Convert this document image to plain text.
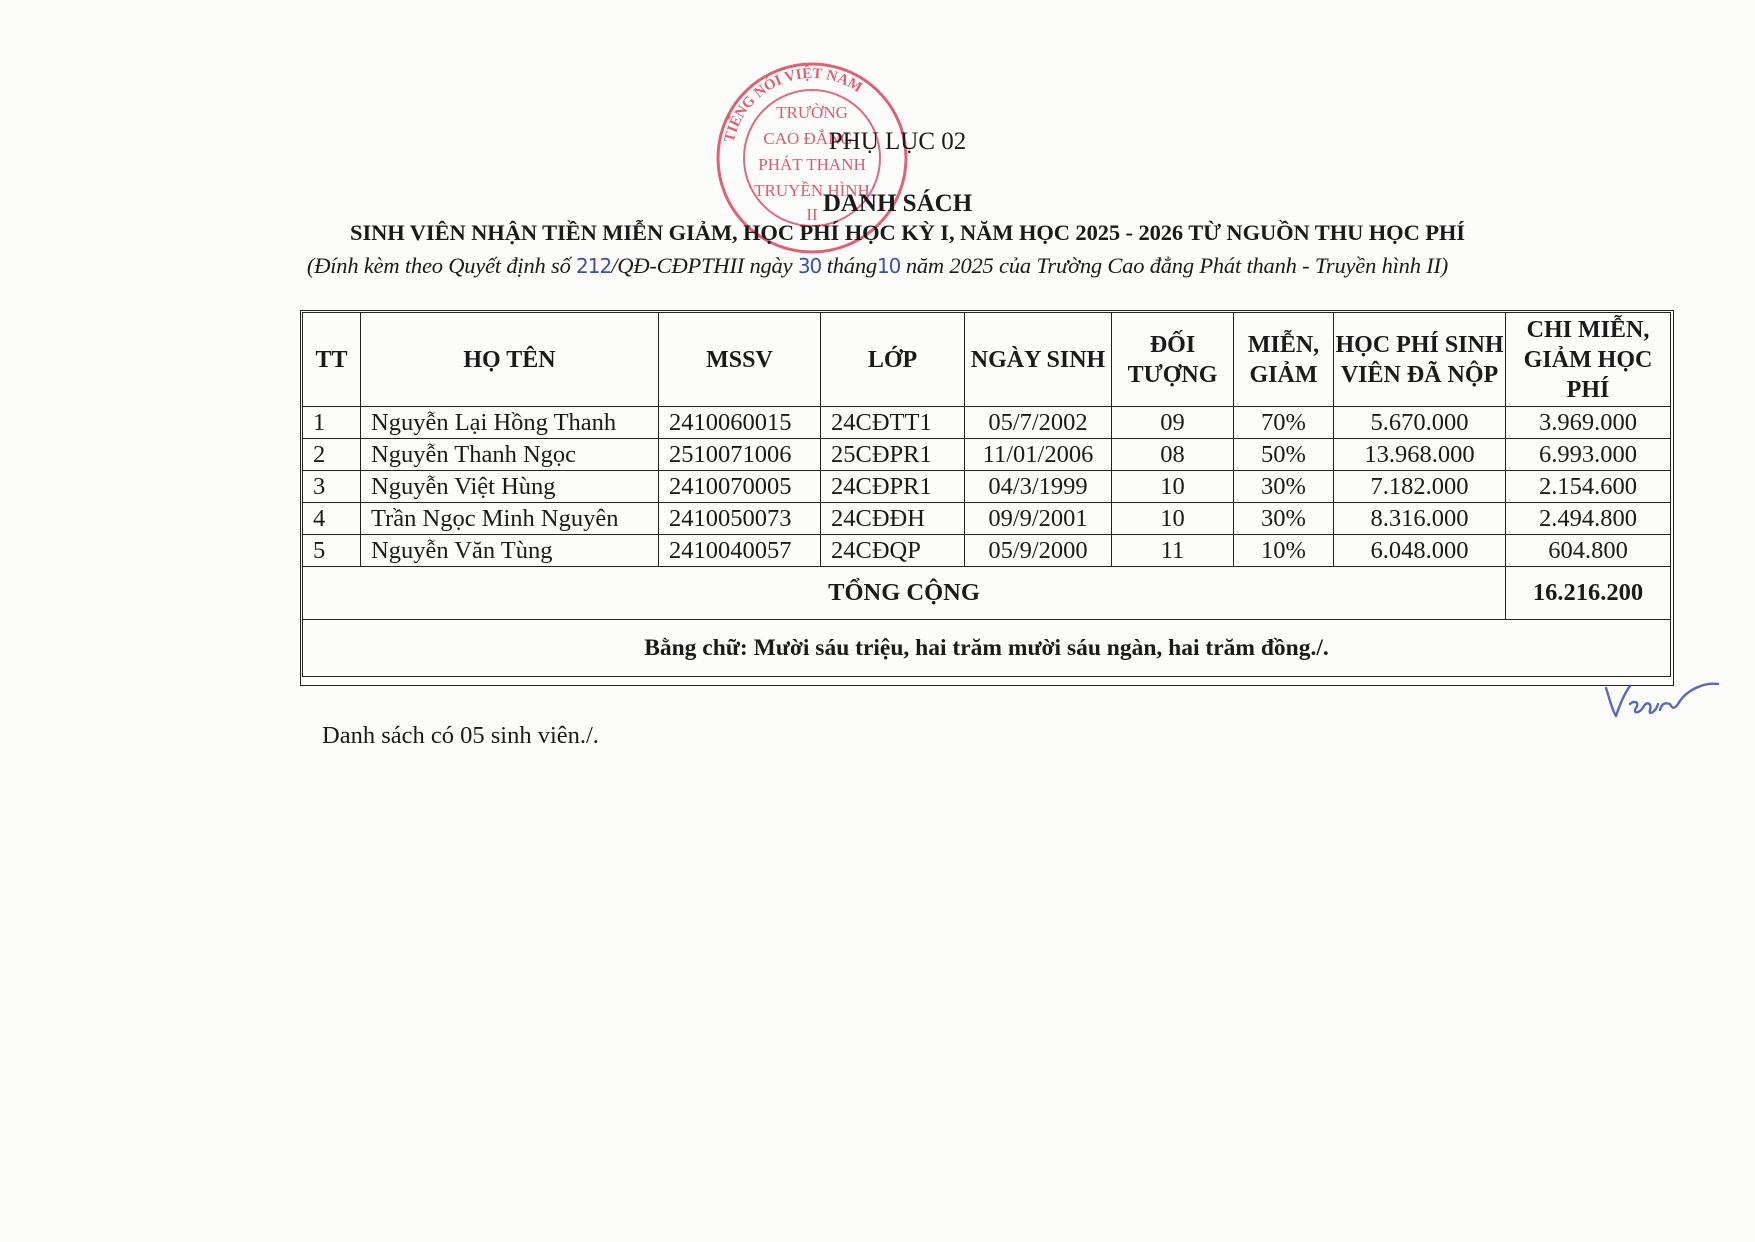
TIẾNG NÓI VIỆT NAM
TRƯỜNG
CAO ĐẲNG
PHÁT THANH
TRUYỀN HÌNH
II
PHỤ LỤC 02
DANH SÁCH
SINH VIÊN NHẬN TIỀN MIỄN GIẢM, HỌC PHÍ HỌC KỲ I, NĂM HỌC 2025 - 2026 TỪ NGUỒN THU HỌC PHÍ
(Đính kèm theo Quyết định số 212/QĐ-CĐPTHII ngày 30 tháng10 năm 2025 của Trường Cao đẳng Phát thanh - Truyền hình II)
TT	HỌ TÊN	MSSV	LỚP	NGÀY SINH	ĐỐI TƯỢNG	MIỄN, GIẢM	HỌC PHÍ SINH VIÊN ĐÃ NỘP	CHI MIỄN, GIẢM HỌC PHÍ
1	Nguyễn Lại Hồng Thanh	2410060015	24CĐTT1	05/7/2002	09	70%	5.670.000	3.969.000
2	Nguyễn Thanh Ngọc	2510071006	25CĐPR1	11/01/2006	08	50%	13.968.000	6.993.000
3	Nguyễn Việt Hùng	2410070005	24CĐPR1	04/3/1999	10	30%	7.182.000	2.154.600
4	Trần Ngọc Minh Nguyên	2410050073	24CĐĐH	09/9/2001	10	30%	8.316.000	2.494.800
5	Nguyễn Văn Tùng	2410040057	24CĐQP	05/9/2000	11	10%	6.048.000	604.800
TỔNG CỘNG								16.216.200
Bằng chữ: Mười sáu triệu, hai trăm mười sáu ngàn, hai trăm đồng./.								
Danh sách có 05 sinh viên./.
